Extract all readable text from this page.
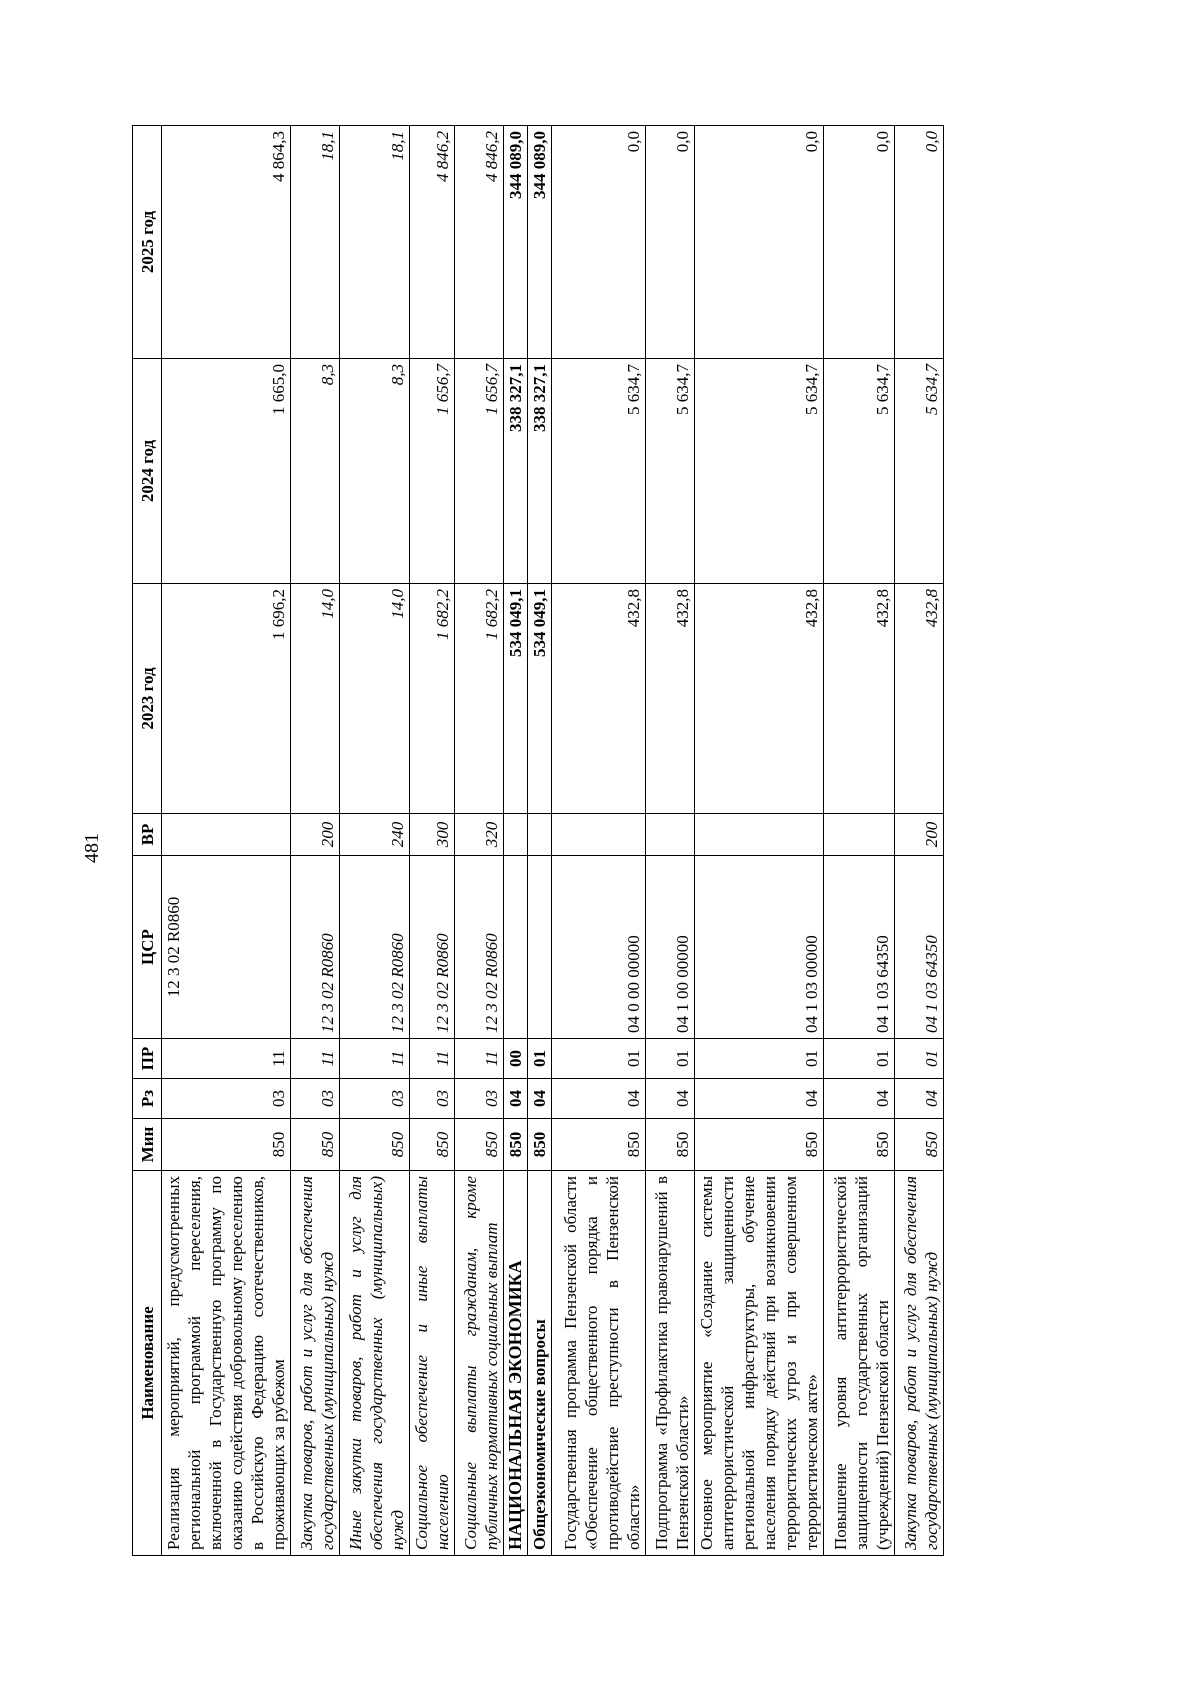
481
Наименование	Мин	Рз	ПР	ЦСР	ВР	2023 год	2024 год	2025 год
Реализация мероприятий, предусмотренных региональной программой переселения, включенной в Государственную программу по оказанию содействия добровольному переселению в Российскую Федерацию соотечественников, проживающих за рубежом	850	03	11	12 3 02 R0860		1 696,2	1 665,0	4 864,3
Закупка товаров, работ и услуг для обеспечения государственных (муниципальных) нужд	850	03	11	12 3 02 R0860	200	14,0	8,3	18,1
Иные закупки товаров, работ и услуг для обеспечения государственных (муниципальных) нужд	850	03	11	12 3 02 R0860	240	14,0	8,3	18,1
Социальное обеспечение и иные выплаты населению	850	03	11	12 3 02 R0860	300	1 682,2	1 656,7	4 846,2
Социальные выплаты гражданам, кроме публичных нормативных социальных выплат	850	03	11	12 3 02 R0860	320	1 682,2	1 656,7	4 846,2
НАЦИОНАЛЬНАЯ ЭКОНОМИКА	850	04	00			534 049,1	338 327,1	344 089,0
Общеэкономические вопросы	850	04	01			534 049,1	338 327,1	344 089,0
Государственная программа Пензенской области «Обеспечение общественного порядка и противодействие преступности в Пензенской области»	850	04	01	04 0 00 00000		432,8	5 634,7	0,0
Подпрограмма «Профилактика правонарушений в Пензенской области»	850	04	01	04 1 00 00000		432,8	5 634,7	0,0
Основное мероприятие «Создание системы антитеррористической защищенности региональной инфраструктуры, обучение населения порядку действий при возникновении террористических угроз и при совершенном террористическом акте»	850	04	01	04 1 03 00000		432,8	5 634,7	0,0
Повышение уровня антитеррористической защищенности государственных организаций (учреждений) Пензенской области	850	04	01	04 1 03 64350		432,8	5 634,7	0,0
Закупка товаров, работ и услуг для обеспечения государственных (муниципальных) нужд	850	04	01	04 1 03 64350	200	432,8	5 634,7	0,0
